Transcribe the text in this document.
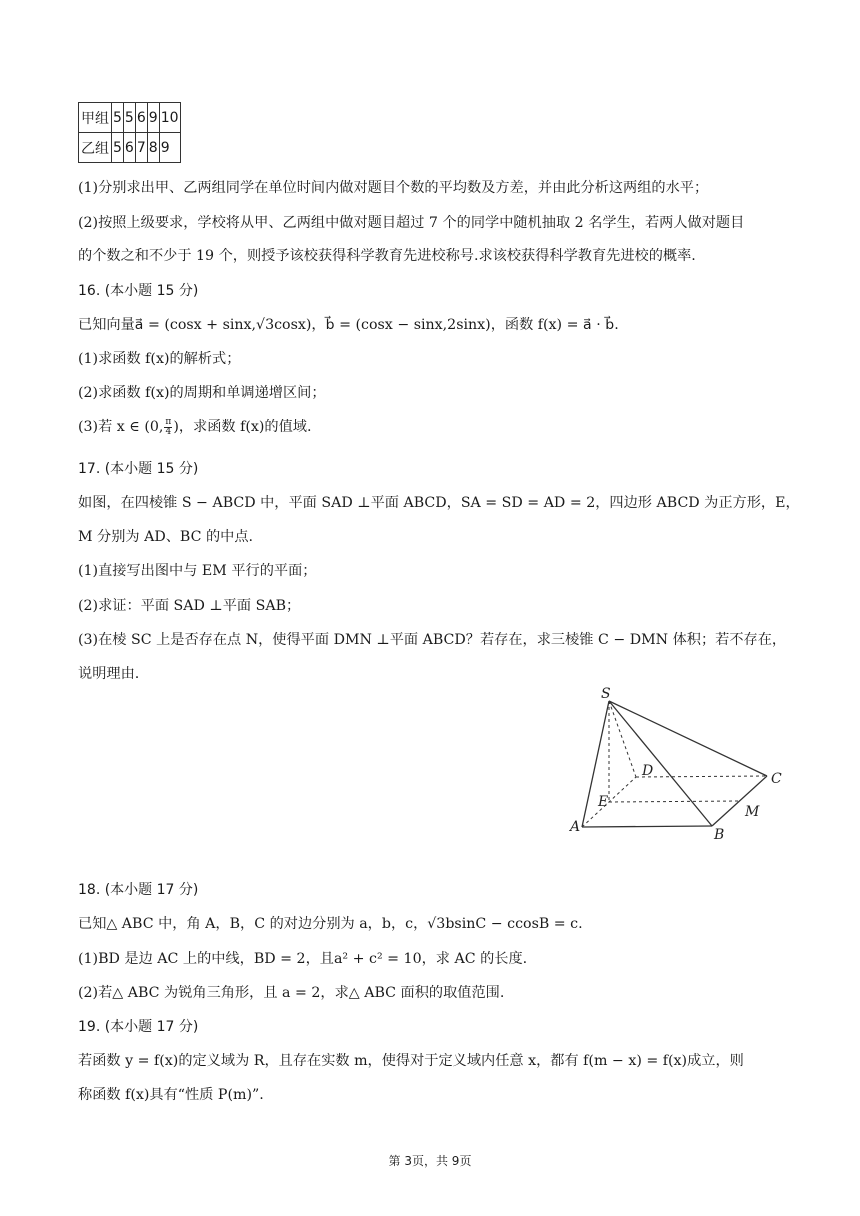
甲组	5	5	6	9	10
乙组	5	6	7	8	9
(1)分别求出甲、乙两组同学在单位时间内做对题目个数的平均数及方差，并由此分析这两组的水平；
(2)按照上级要求，学校将从甲、乙两组中做对题目超过 7 个的同学中随机抽取 2 名学生，若两人做对题目
的个数之和不少于 19 个，则授予该校获得科学教育先进校称号.求该校获得科学教育先进校的概率.
16. (本小题 15 分)
已知向量a⃗ = (cosx + sinx,√3cosx)，b⃗ = (cosx − sinx,2sinx)，函数 f(x) = a⃗ · b⃗.
(1)求函数 f(x)的解析式；
(2)求函数 f(x)的周期和单调递增区间；
(3)若 x ∈ (0, $\frac{\pi}{4}$ )，求函数 f(x)的值域.
17. (本小题 15 分)
如图，在四棱锥 S − ABCD 中，平面 SAD ⊥平面 ABCD，SA = SD = AD = 2，四边形 ABCD 为正方形，E，
M 分别为 AD、BC 的中点.
(1)直接写出图中与 EM 平行的平面；
(2)求证：平面 SAD ⊥平面 SAB；
(3)在棱 SC 上是否存在点 N，使得平面 DMN ⊥平面 ABCD？若存在，求三棱锥 C − DMN 体积；若不存在，
说明理由.
S
D	C
E
M
A	B
18. (本小题 17 分)
已知△ ABC 中，角 A，B，C 的对边分别为 a，b，c，√3bsinC − ccosB = c.
(1)BD 是边 AC 上的中线，BD = 2，且a² + c² = 10，求 AC 的长度.
(2)若△ ABC 为锐角三角形，且 a = 2，求△ ABC 面积的取值范围.
19. (本小题 17 分)
若函数 y = f(x)的定义域为 R，且存在实数 m，使得对于定义域内任意 x，都有 f(m − x) = f(x)成立，则
称函数 f(x)具有“性质 P(m)”.
第 3页，共 9页
